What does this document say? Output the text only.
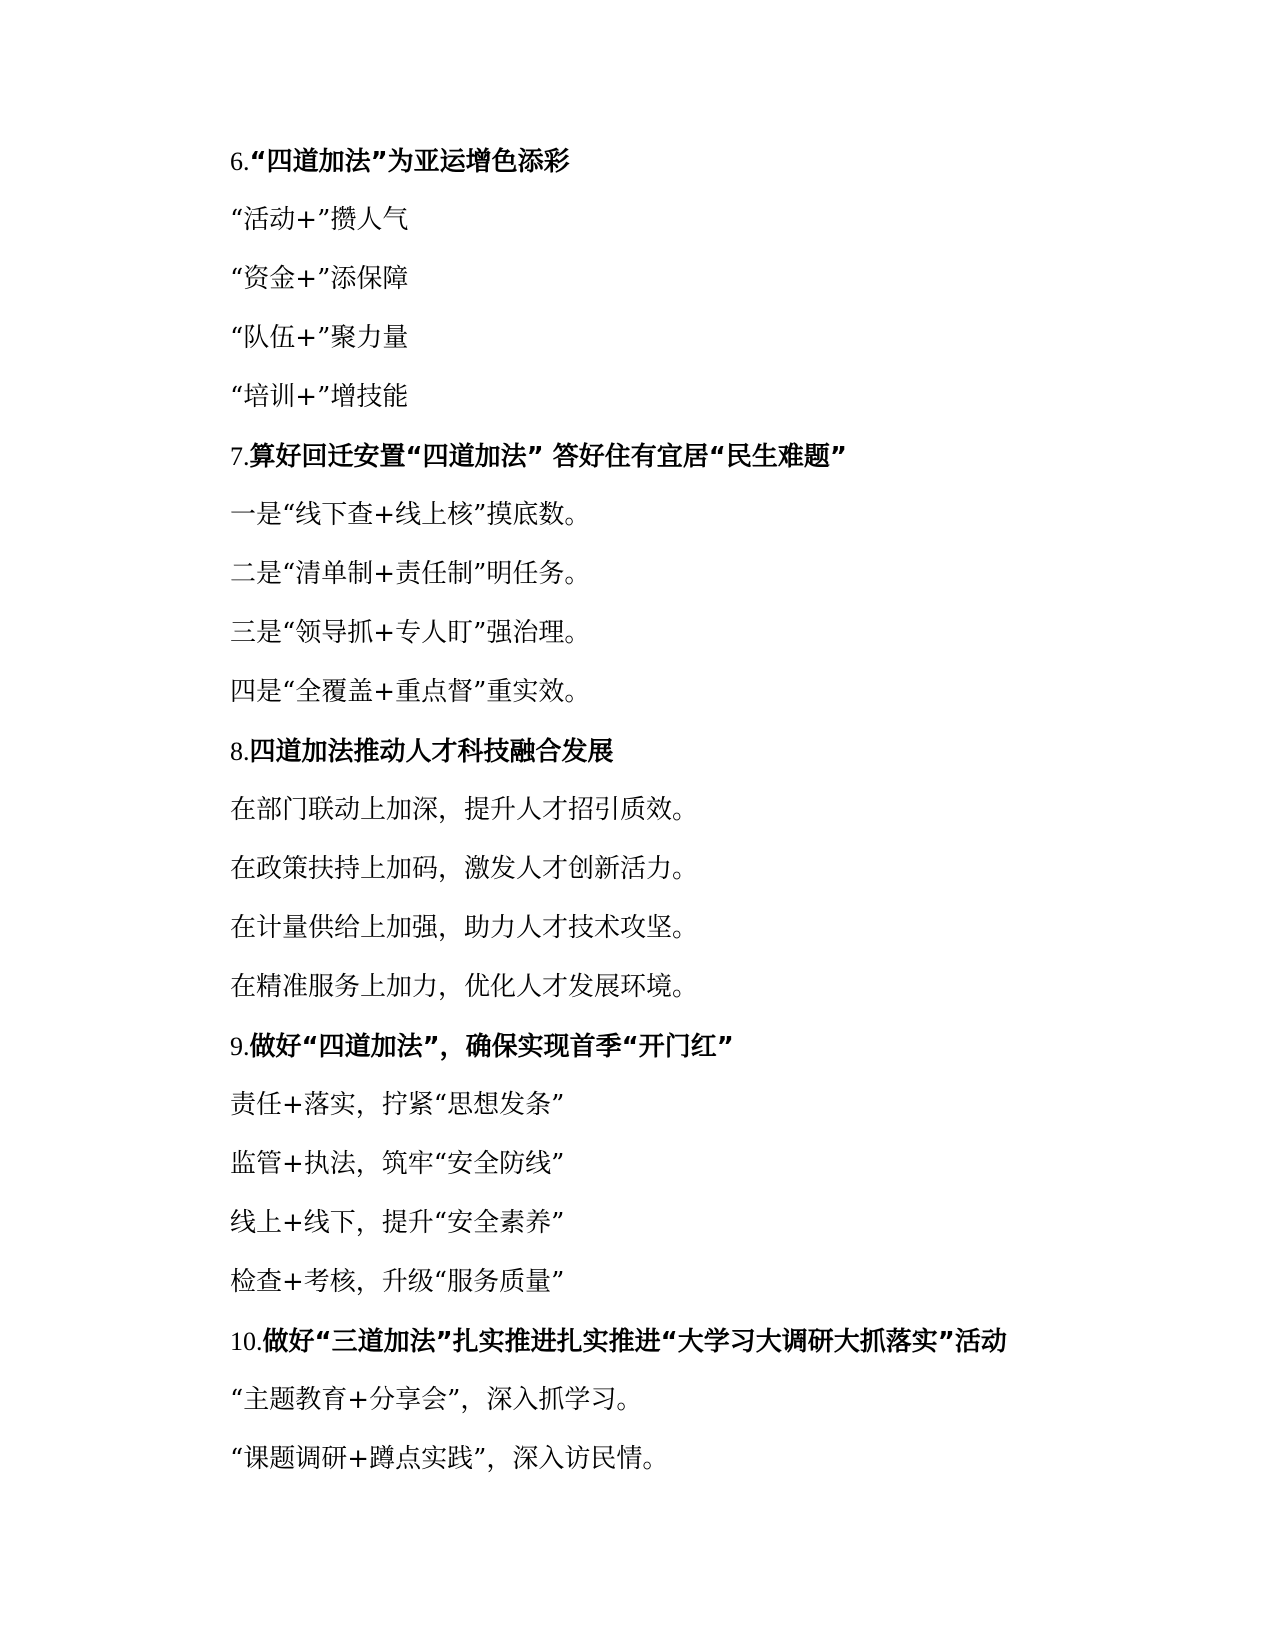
6.“四道加法”为亚运增色添彩
“活动+”攒人气
“资金+”添保障
“队伍+”聚力量
“培训+”增技能
7.算好回迁安置“四道加法” 答好住有宜居“民生难题”
一是“线下查+线上核”摸底数。
二是“清单制+责任制”明任务。
三是“领导抓+专人盯”强治理。
四是“全覆盖+重点督”重实效。
8.四道加法推动人才科技融合发展
在部门联动上加深，提升人才招引质效。
在政策扶持上加码，激发人才创新活力。
在计量供给上加强，助力人才技术攻坚。
在精准服务上加力，优化人才发展环境。
9.做好“四道加法”，确保实现首季“开门红”
责任+落实，拧紧“思想发条”
监管+执法，筑牢“安全防线”
线上+线下，提升“安全素养”
检查+考核，升级“服务质量”
10.做好“三道加法”扎实推进扎实推进“大学习大调研大抓落实”活动
“主题教育+分享会”，深入抓学习。
“课题调研+蹲点实践”，深入访民情。
